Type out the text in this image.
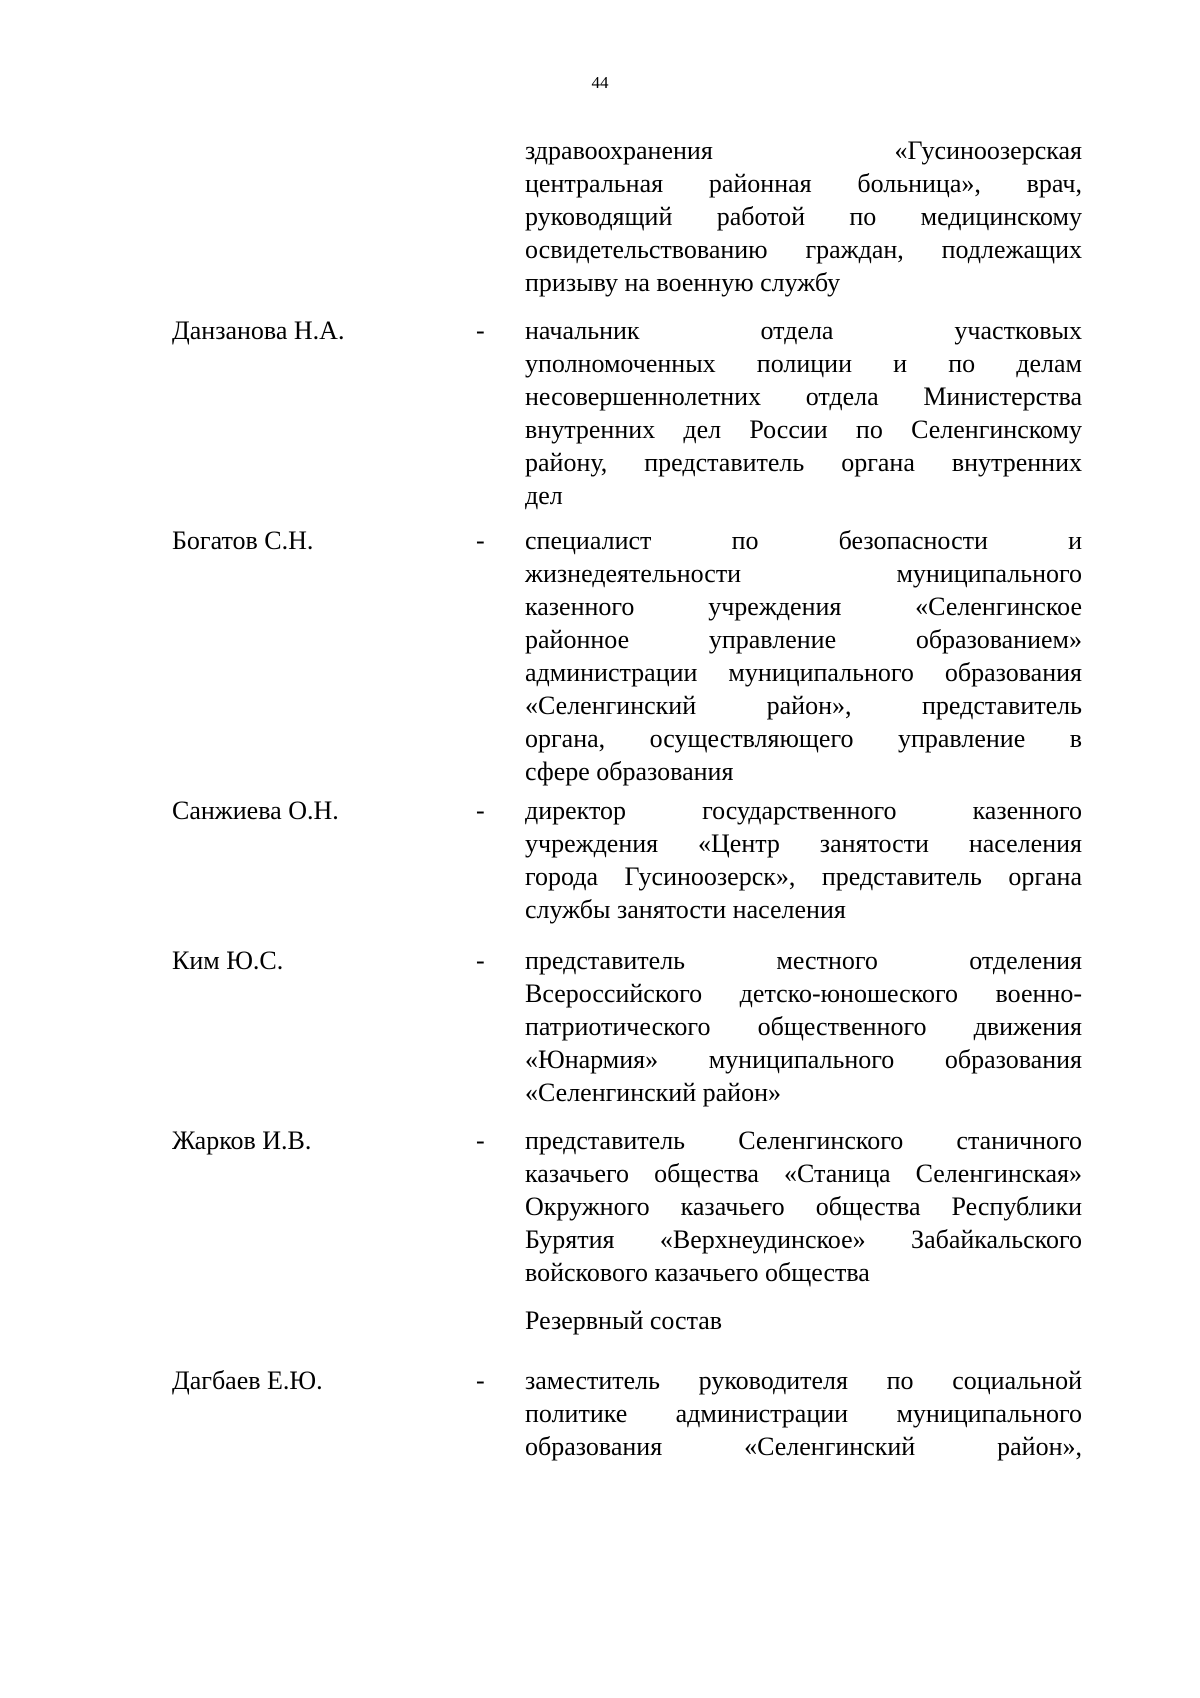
44
здравоохранения «Гусиноозерская
центральная районная больница», врач,
руководящий работой по медицинскому
освидетельствованию граждан, подлежащих
призыву на военную службу
Данзанова Н.А.	- начальник отдела участковых
уполномоченных полиции и по делам
несовершеннолетних отдела Министерства
внутренних дел России по Селенгинскому
району, представитель органа внутренних
дел
Богатов С.Н.	- специалист по безопасности и
жизнедеятельности муниципального
казенного учреждения «Селенгинское
районное управление образованием»
администрации муниципального образования
«Селенгинский район», представитель
органа, осуществляющего управление в
сфере образования
Санжиева О.Н.	- директор государственного казенного
учреждения «Центр занятости населения
города Гусиноозерск», представитель органа
службы занятости населения
Ким Ю.С.	- представитель местного отделения
Всероссийского детско-юношеского военно-
патриотического общественного движения
«Юнармия» муниципального образования
«Селенгинский район»
Жарков И.В.	- представитель Селенгинского станичного
казачьего общества «Станица Селенгинская»
Окружного казачьего общества Республики
Бурятия «Верхнеудинское» Забайкальского
войскового казачьего общества
Резервный состав
Дагбаев Е.Ю.	- заместитель руководителя по социальной
политике администрации муниципального
образования «Селенгинский район»,
